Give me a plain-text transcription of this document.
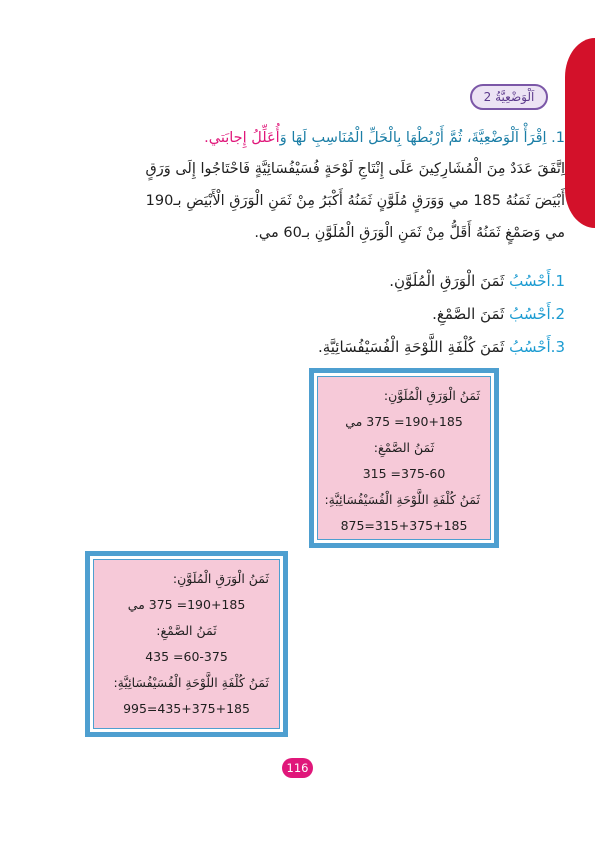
اَلْوَضْعِيَّةُ 2
1. اِقْرَأْ اَلْوَضْعِيَّةَ، ثُمَّ أَرْبُطْهَا بِالْحَلِّ الْمُنَاسِبِ لَهَا وَأُعَلِّلُ إِجابَتي.
اِتَّفَقَ عَدَدٌ مِنَ الْمُشَارِكِينَ عَلَى إِنْتَاجِ لَوْحَةٍ فُسَيْفُسَائِيَّةٍ فَاحْتَاجُوا إِلَى وَرَقٍ
أَبْيَضَ ثَمَنُهُ 185 مي وَوَرَقٍ مُلَوَّنٍ ثَمَنُهُ أَكْبَرُ مِنْ ثَمَنِ الْوَرَقِ الْأَبْيَضِ بـ190
مي وَصَمْغٍ ثَمَنُهُ أَقَلُّ مِنْ ثَمَنِ الْوَرَقِ الْمُلَوَّنِ بـ60 مي.
1.أَحْسُبُ ثَمَنَ الْوَرَقِ الْمُلَوَّنِ.
2.أَحْسُبُ ثَمَنَ الصَّمْغِ.
3.أَحْسُبُ ثَمَنَ كُلْفَةِ اللَّوْحَةِ الْفُسَيْفُسَائِيَّةِ.
ثَمَنُ الْوَرَقِ الْمُلَوَّنِ:
190+185= 375 مي
ثَمَنُ الصَّمْغِ:
375-60= 315
ثَمَنُ كُلْفَةِ اللَّوْحَةِ الْفُسَيْفُسَائِيَّةِ:
315+375+185=875
ثَمَنُ الْوَرَقِ الْمُلَوَّنِ:
190+185= 375 مي
ثَمَنُ الصَّمْغِ:
60-375= 435
ثَمَنُ كُلْفَةِ اللَّوْحَةِ الْفُسَيْفُسَائِيَّةِ:
435+375+185=995
116
